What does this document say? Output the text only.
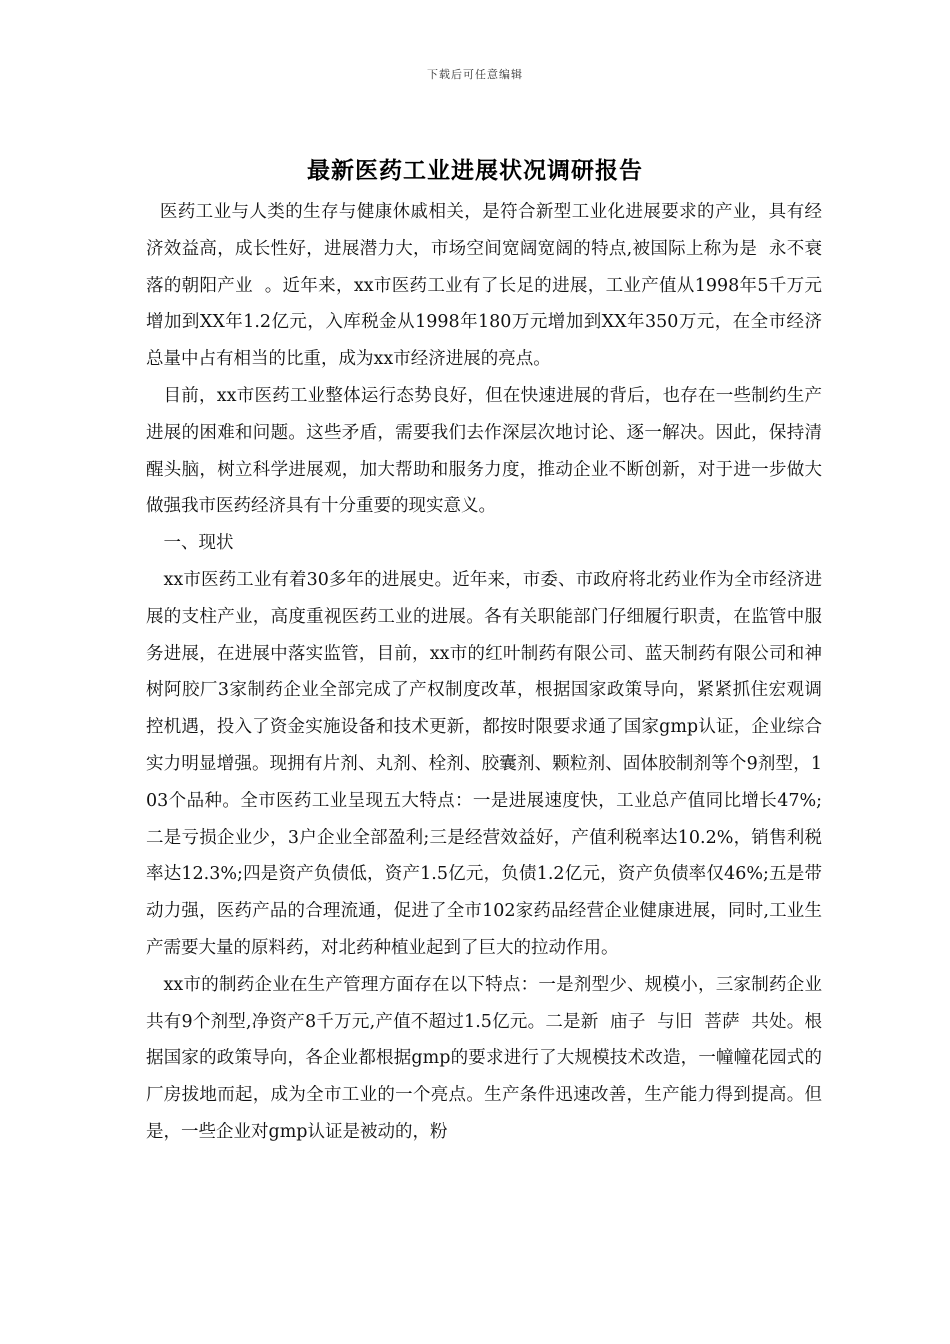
下载后可任意编辑
最新医药工业进展状况调研报告

医药工业与人类的生存与健康休戚相关，是符合新型工业化进展要求的产业，具有经济效益高，成长性好，进展潜力大，市场空间宽阔宽阔的特点,被国际上称为是  永不衰落的朝阳产业  。近年来，xx市医药工业有了长足的进展，工业产值从1998年5千万元增加到XX年1.2亿元，入库税金从1998年180万元增加到XX年350万元，在全市经济总量中占有相当的比重，成为xx市经济进展的亮点。

目前，xx市医药工业整体运行态势良好，但在快速进展的背后，也存在一些制约生产进展的困难和问题。这些矛盾，需要我们去作深层次地讨论、逐一解决。因此，保持清醒头脑，树立科学进展观，加大帮助和服务力度，推动企业不断创新，对于进一步做大做强我市医药经济具有十分重要的现实意义。

一、现状

xx市医药工业有着30多年的进展史。近年来，市委、市政府将北药业作为全市经济进展的支柱产业，高度重视医药工业的进展。各有关职能部门仔细履行职责，在监管中服务进展，在进展中落实监管，目前，xx市的红叶制药有限公司、蓝天制药有限公司和神树阿胶厂3家制药企业全部完成了产权制度改革，根据国家政策导向，紧紧抓住宏观调控机遇，投入了资金实施设备和技术更新，都按时限要求通了国家gmp认证，企业综合实力明显增强。现拥有片剂、丸剂、栓剂、胶囊剂、颗粒剂、固体胶制剂等个9剂型，103个品种。全市医药工业呈现五大特点：一是进展速度快，工业总产值同比增长47%;二是亏损企业少，3户企业全部盈利;三是经营效益好，产值利税率达10.2%，销售利税率达12.3%;四是资产负债低，资产1.5亿元，负债1.2亿元，资产负债率仅46%;五是带动力强，医药产品的合理流通，促进了全市102家药品经营企业健康进展，同时,工业生产需要大量的原料药，对北药种植业起到了巨大的拉动作用。

xx市的制药企业在生产管理方面存在以下特点：一是剂型少、规模小，三家制药企业共有9个剂型,净资产8千万元,产值不超过1.5亿元。二是新  庙子  与旧  菩萨  共处。根据国家的政策导向，各企业都根据gmp的要求进行了大规模技术改造，一幢幢花园式的厂房拔地而起，成为全市工业的一个亮点。生产条件迅速改善，生产能力得到提高。但是，一些企业对gmp认证是被动的，粉
